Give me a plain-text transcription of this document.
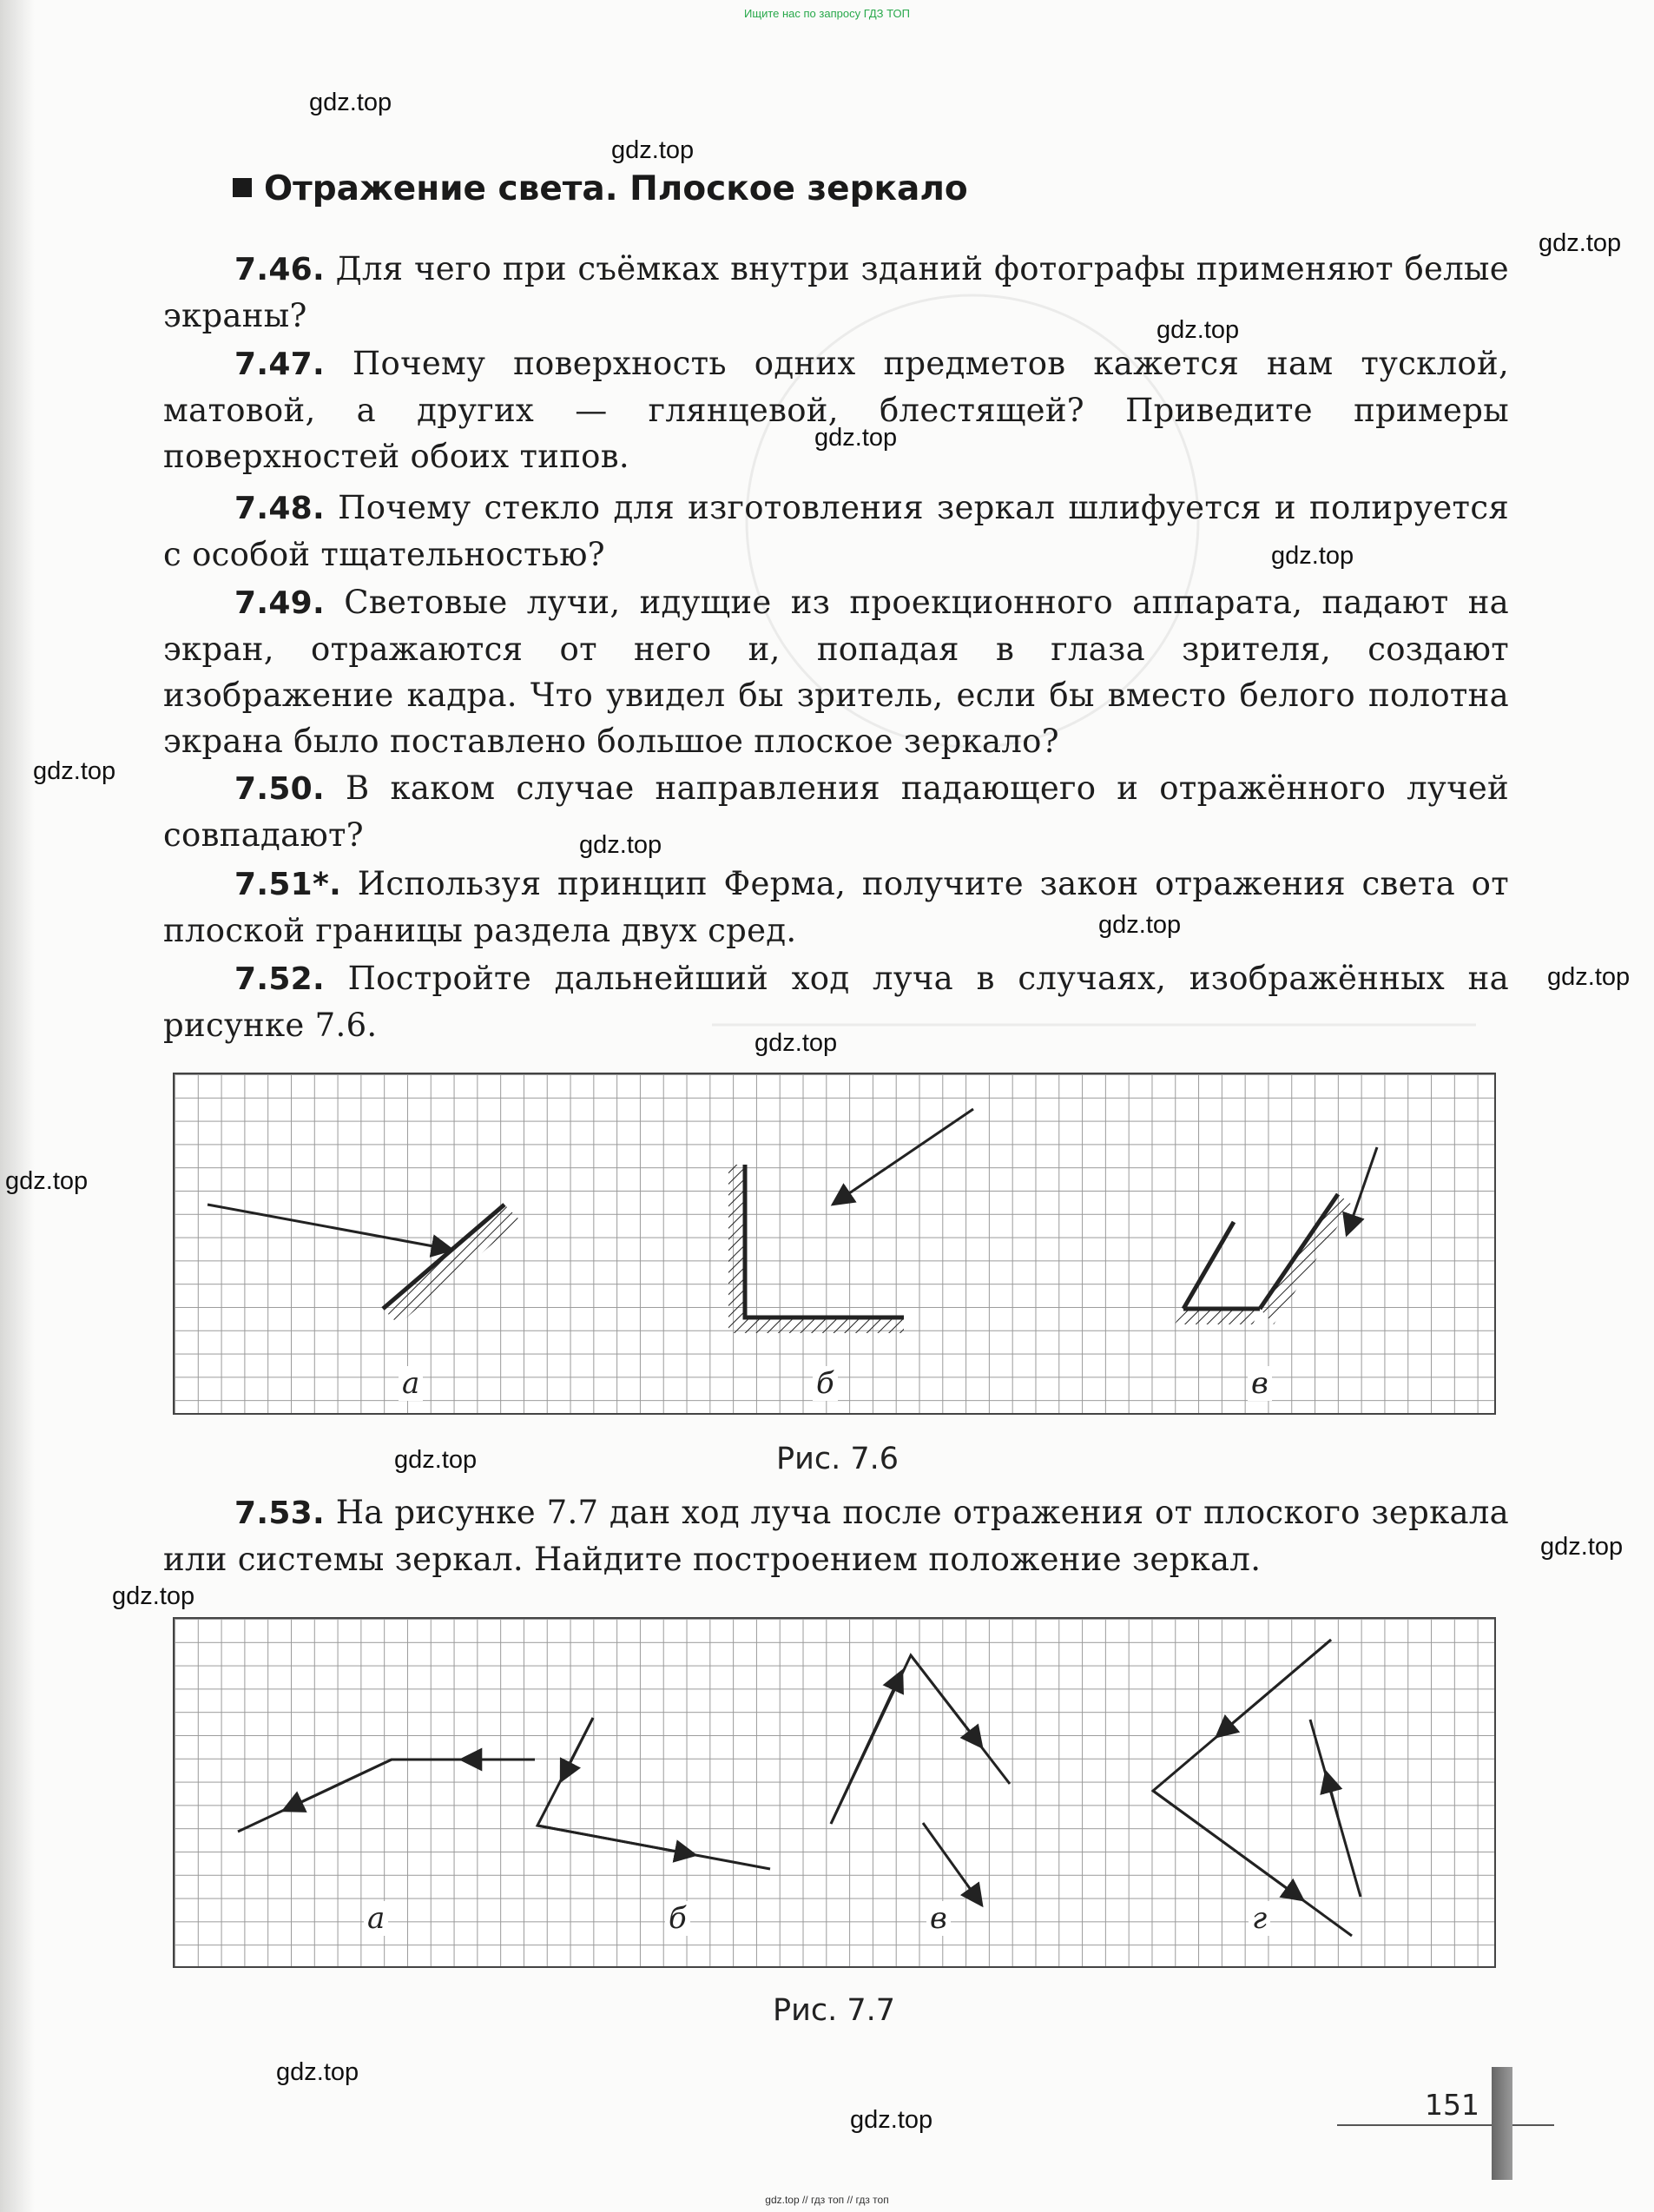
Ищите нас по запросу ГДЗ ТОП
gdz.top
gdz.top
gdz.top
gdz.top
gdz.top
gdz.top
gdz.top
gdz.top
gdz.top
gdz.top
gdz.top
gdz.top
gdz.top
gdz.top
gdz.top
gdz.top
gdz.top
Отражение света. Плоское зеркало
7.46. Для чего при съёмках внутри зданий фотографы применяют белые экраны?
7.47. Почему поверхность одних предметов кажется нам тусклой, матовой, а других — глянцевой, блестящей? Приведите примеры поверхностей обоих типов.
7.48. Почему стекло для изготовления зеркал шлифуется и полируется с особой тщательностью?
7.49. Световые лучи, идущие из проекционного аппарата, падают на экран, отражаются от него и, попадая в глаза зрителя, создают изображение кадра. Что увидел бы зритель, если бы вместо белого полотна экрана было поставлено большое плоское зеркало?
7.50. В каком случае направления падающего и отражённого лучей совпадают?
7.51*. Используя принцип Ферма, получите закон отражения света от плоской границы раздела двух сред.
7.52. Постройте дальнейший ход луча в случаях, изображённых на рисунке 7.6.
а	б	в
Рис. 7.6
7.53. На рисунке 7.7 дан ход луча после отражения от плоского зеркала или системы зеркал. Найдите построением положение зеркал.
а	б	в	г
Рис. 7.7
151
gdz.top // гдз топ // гдз топ
